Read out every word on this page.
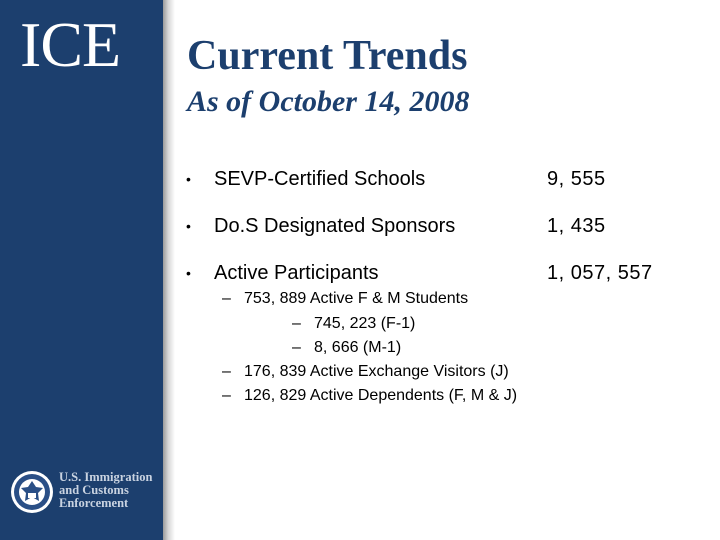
ICE
U.S. Immigration
and Customs
Enforcement
Current Trends
As of October 14, 2008
• SEVP-Certified Schools	9, 555
• Do.S Designated Sponsors	1, 435
• Active Participants	1, 057, 557
– 753, 889 Active F & M Students
– 745, 223 (F-1)
– 8, 666 (M-1)
– 176, 839 Active Exchange Visitors (J)
– 126, 829 Active Dependents (F, M & J)
